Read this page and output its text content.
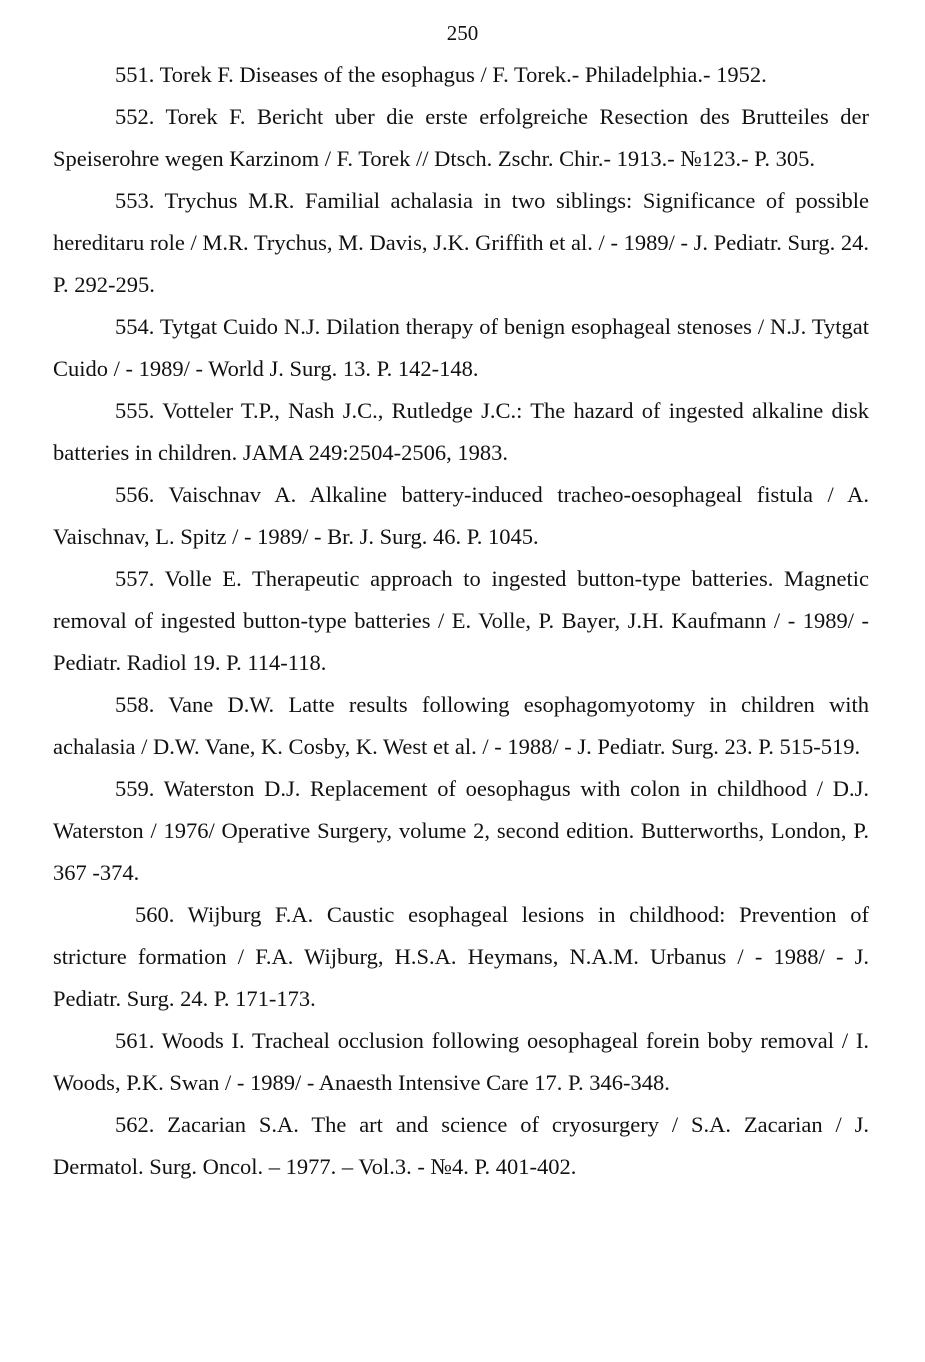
250

551. Torek F. Diseases of the esophagus / F. Torek.- Philadelphia.- 1952.

552. Torek F. Bericht uber die erste erfolgreiche Resection des Brutteiles der Speiserohre wegen Karzinom / F. Torek // Dtsch. Zschr. Chir.- 1913.- №123.- P. 305.

553. Trychus M.R. Familial achalasia in two siblings: Significance of possible hereditaru role / M.R. Trychus, M. Davis, J.K. Griffith et al. / - 1989/ - J. Pediatr. Surg. 24. P. 292-295.

554. Tytgat Cuido N.J. Dilation therapy of benign esophageal stenoses / N.J. Tytgat Cuido / - 1989/ - World J. Surg. 13. P. 142-148.

555. Votteler T.P., Nash J.C., Rutledge J.C.: The hazard of ingested alkaline disk batteries in children. JAMA 249:2504-2506, 1983.

556. Vaischnav A. Alkaline battery-induced tracheo-oesophageal fistula / A. Vaischnav, L. Spitz / - 1989/ - Br. J. Surg. 46. P. 1045.

557. Volle E. Therapeutic approach to ingested button-type batteries. Magnetic removal of ingested button-type batteries / E. Volle, P. Bayer, J.H. Kaufmann / - 1989/ - Pediatr. Radiol 19. P. 114-118.

558. Vane D.W. Latte results following esophagomyotomy in children with achalasia / D.W. Vane, K. Cosby, K. West et al. / - 1988/ - J. Pediatr. Surg. 23. P. 515-519.

559. Waterston D.J. Replacement of oesophagus with colon in childhood / D.J. Waterston / 1976/ Operative Surgery, volume 2, second edition. Butterworths, London, P. 367 -374.

560. Wijburg F.A. Caustic esophageal lesions in childhood: Prevention of stricture formation / F.A. Wijburg, H.S.A. Heymans, N.A.M. Urbanus / - 1988/ - J. Pediatr. Surg. 24. P. 171-173.

561. Woods I. Tracheal occlusion following oesophageal forein boby removal / I. Woods, P.K. Swan / - 1989/ - Anaesth Intensive Care 17. P. 346-348.

562. Zacarian S.A. The art and science of cryosurgery / S.A. Zacarian / J. Dermatol. Surg. Oncol. – 1977. – Vol.3. - №4. P. 401-402.
